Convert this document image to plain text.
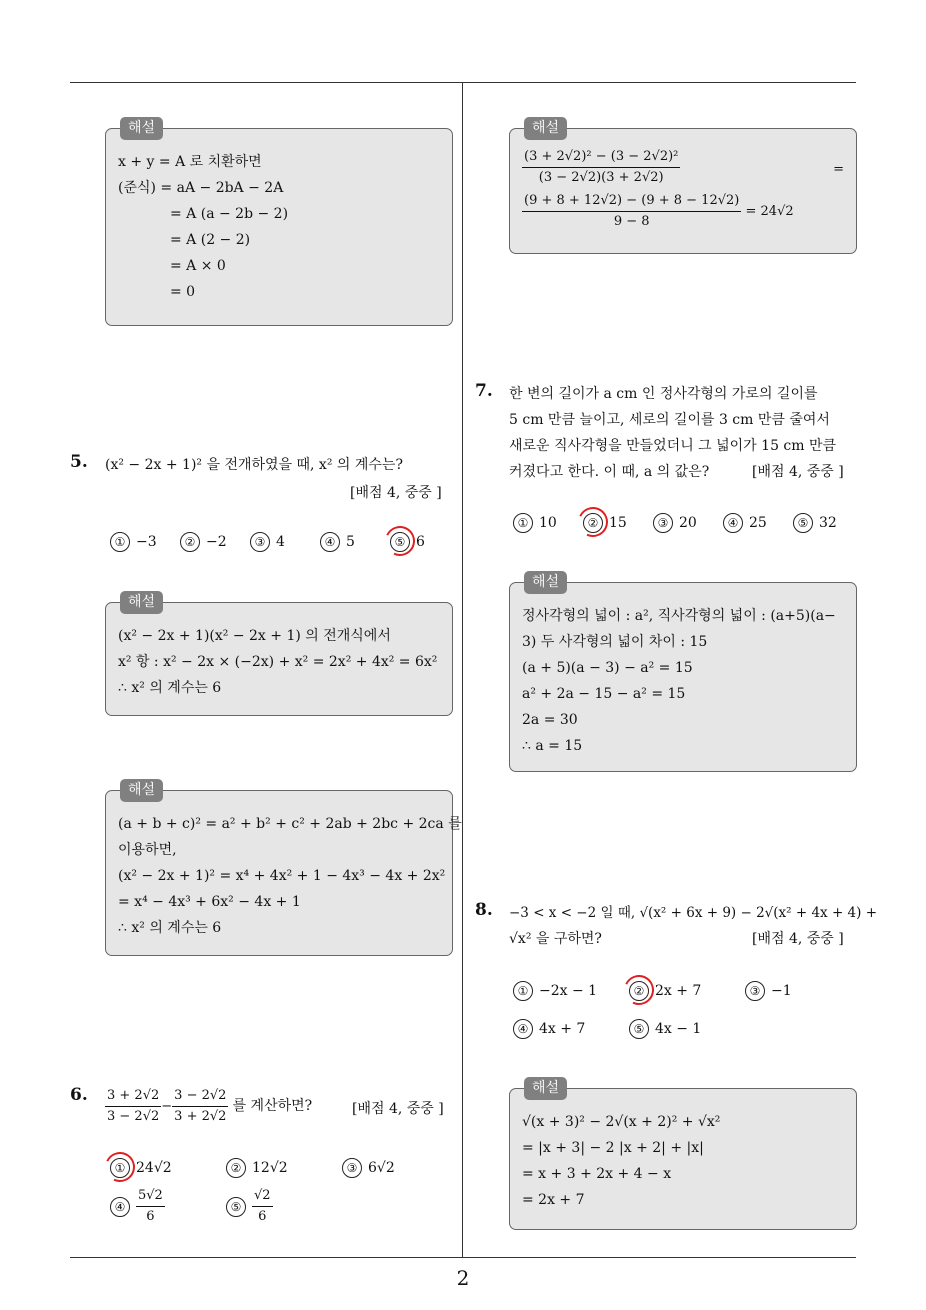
2
해설
x + y = A 로 치환하면
(준식) = aA − 2bA − 2A
= A (a − 2b − 2)
= A (2 − 2)
= A × 0
= 0
5. (x² − 2x + 1)² 을 전개하였을 때, x² 의 계수는?
[배점 4, 중중 ]
① −3	② −2	③ 4	④ 5	⑤ 6
해설
(x² − 2x + 1)(x² − 2x + 1) 의 전개식에서
x² 항 : x² − 2x × (−2x) + x² = 2x² + 4x² = 6x²
∴ x² 의 계수는 6
해설
(a + b + c)² = a² + b² + c² + 2ab + 2bc + 2ca 를
이용하면,
(x² − 2x + 1)² = x⁴ + 4x² + 1 − 4x³ − 4x + 2x²
= x⁴ − 4x³ + 6x² − 4x + 1
∴ x² 의 계수는 6
6. $\frac{3 + 2√2}{3 - 2√2} - \frac{3 - 2√2}{3 + 2√2}$ 를 계산하면?	[배점 4, 중중 ]
① 24√2	② 12√2	③ 6√2
④ $\frac{5√2}{6}$	⑤ $\frac{√2}{6}$
해설
$\frac{\text{(3 + 2√2)² − (3 − 2√2)²}}{(3 - 2√2)(3 + 2√2)}$	=
$\frac{(9 + 8 + 12√2) - (9 + 8 - 12√2)}{9 - 8} = 24√2$
7. 한 변의 길이가 a cm 인 정사각형의 가로의 길이를
5 cm 만큼 늘이고, 세로의 길이를 3 cm 만큼 줄여서
새로운 직사각형을 만들었더니 그 넓이가 15 cm 만큼
커졌다고 한다. 이 때, a 의 값은?	[배점 4, 중중 ]
① 10	② 15	③ 20	④ 25	⑤ 32
해설
정사각형의 넓이 : a², 직사각형의 넓이 : (a+5)(a−
3) 두 사각형의 넓이 차이 : 15
(a + 5)(a − 3) − a² = 15
a² + 2a − 15 − a² = 15
2a = 30
∴ a = 15
8. −3 < x < −2 일 때, √(x² + 6x + 9) − 2√(x² + 4x + 4) +
√x² 을 구하면?	[배점 4, 중중 ]
① −2x − 1	② 2x + 7	③ −1
④ 4x + 7	⑤ 4x − 1
해설
√(x + 3)² − 2√(x + 2)² + √x²
= |x + 3| − 2 |x + 2| + |x|
= x + 3 + 2x + 4 − x
= 2x + 7
